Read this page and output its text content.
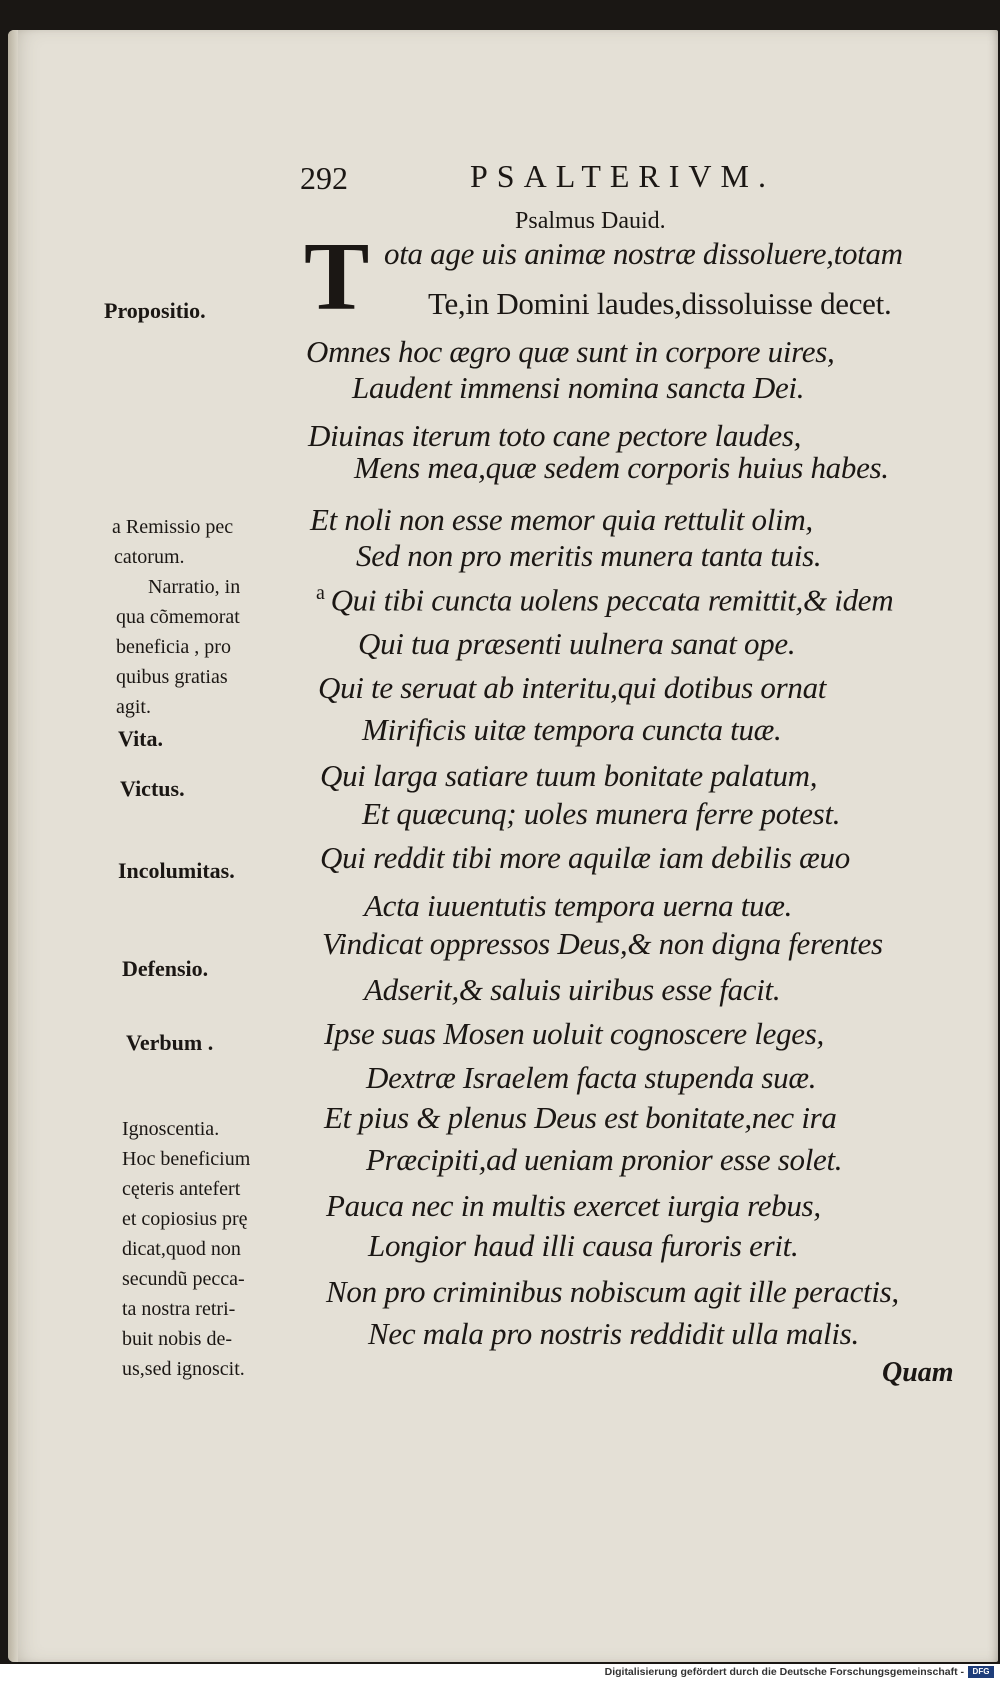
292	PSALTERIVM.
Psalmus Dauid.
T ota age uis animæ nostræ dissoluere,totam
Te,in Domini laudes,dissoluisse decet.
Omnes hoc ægro quæ sunt in corpore uires,
Laudent immensi nomina sancta Dei.
Diuinas iterum toto cane pectore laudes,
Mens mea,quæ sedem corporis huius habes.
Et noli non esse memor quia rettulit olim,
Sed non pro meritis munera tanta tuis.
$^a$ Qui tibi cuncta uolens peccata remittit,& idem
Qui tua præsenti uulnera sanat ope.
Qui te seruat ab interitu,qui dotibus ornat
Mirificis uitæ tempora cuncta tuæ.
Qui larga satiare tuum bonitate palatum,
Et quæcunq; uoles munera ferre potest.
Qui reddit tibi more aquilæ iam debilis æuo
Acta iuuentutis tempora uerna tuæ.
Vindicat oppressos Deus,& non digna ferentes
Adserit,& saluis uiribus esse facit.
Ipse suas Mosen uoluit cognoscere leges,
Dextræ Israelem facta stupenda suæ.
Et pius & plenus Deus est bonitate,nec ira
Præcipiti,ad ueniam pronior esse solet.
Pauca nec in multis exercet iurgia rebus,
Longior haud illi causa furoris erit.
Non pro criminibus nobiscum agit ille peractis,
Nec mala pro nostris reddidit ulla malis.
Propositio.
a Remissio pec
catorum.
Narratio, in
qua cõmemorat
beneficia , pro
quibus gratias
agit.
Vita.
Victus.
Incolumitas.
Defensio.
Verbum .
Ignoscentia.
Hoc beneficium
cęteris antefert
et copiosius prę
dicat,quod non
secundũ pecca-
ta nostra retri-
buit nobis de-
us,sed ignoscit.	Quam
Digitalisierung gefördert durch die Deutsche Forschungsgemeinschaft -	DFG
